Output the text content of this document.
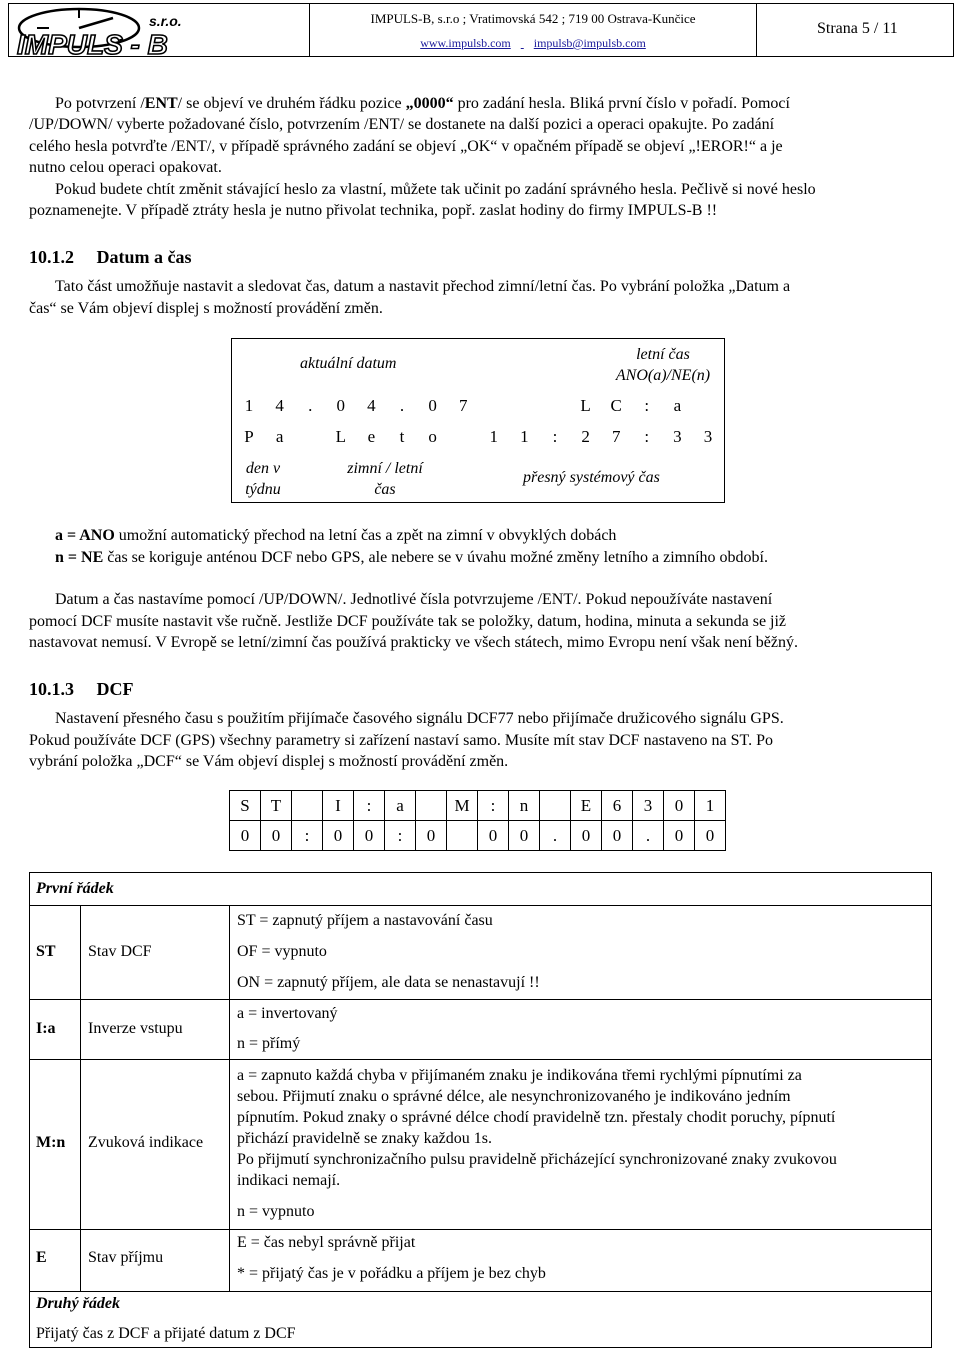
s.r.o.
IMPULS - B
IMPULS-B, s.r.o ; Vratimovská 542 ; 719 00 Ostrava-Kunčice
www.impulsb.com impulsb@impulsb.com
Strana 5 / 11
Po potvrzení /ENT/ se objeví ve druhém řádku pozice „0000“ pro zadání hesla. Bliká první číslo v pořadí. Pomocí
/UP/DOWN/ vyberte požadované číslo, potvrzením /ENT/ se dostanete na další pozici a operaci opakujte. Po zadání
celého hesla potvrďte /ENT/, v případě správného zadání se objeví „OK“ v opačném případě se objeví „!EROR!“ a je
nutno celou operaci opakovat.
Pokud budete chtít změnit stávající heslo za vlastní, můžete tak učinit po zadání správného hesla. Pečlivě si nové heslo
poznamenejte. V případě ztráty hesla je nutno přivolat technika, popř. zaslat hodiny do firmy IMPULS-B !!
10.1.2 Datum a čas
Tato část umožňuje nastavit a sledovat čas, datum a nastavit přechod zimní/letní čas. Po vybrání položka „Datum a
čas“ se Vám objeví displej s možností provádění změn.
aktuální datum
letní čas
ANO(a)/NE(n)
1	4	.	0	4	.	0	7	L	C	:	a
P	a	L	e	t	o	1	1	:	2	7	:	3	3
den v
týdnu
zimní / letní
čas
přesný systémový čas
a = ANO umožní automatický přechod na letní čas a zpět na zimní v obvyklých dobách
n = NE čas se koriguje anténou DCF nebo GPS, ale nebere se v úvahu možné změny letního a zimního období.
Datum a čas nastavíme pomocí /UP/DOWN/. Jednotlivé čísla potvrzujeme /ENT/. Pokud nepoužíváte nastavení
pomocí DCF musíte nastavit vše ručně. Jestliže DCF používáte tak se položky, datum, hodina, minuta a sekunda se již
nastavovat nemusí. V Evropě se letní/zimní čas používá prakticky ve všech státech, mimo Evropu není však není běžný.
10.1.3 DCF
Nastavení přesného času s použitím přijímače časového signálu DCF77 nebo přijímače družicového signálu GPS.
Pokud používáte DCF (GPS) všechny parametry si zařízení nastaví samo. Musíte mít stav DCF nastaveno na ST. Po
vybrání položka „DCF“ se Vám objeví displej s možností provádění změn.
S	T		I	:	a		M	:	n		E	6	3	0	1
0	0	:	0	0	:	0		0	0	.	0	0	.	0	0
První řádek
ST Stav DCF
ST = zapnutý příjem a nastavování času
OF = vypnuto
ON = zapnutý příjem, ale data se nenastavují !!
I:a Inverze vstupu
a = invertovaný
n = přímý
M:n Zvuková indikace
a = zapnuto každá chyba v přijímaném znaku je indikována třemi rychlými pípnutími za
sebou. Přijmutí znaku o správné délce, ale nesynchronizovaného je indikováno jedním
pípnutím. Pokud znaky o správné délce chodí pravidelně tzn. přestaly chodit poruchy, pípnutí
přichází pravidelně se znaky každou 1s.
Po přijmutí synchronizačního pulsu pravidelně přicházející synchronizované znaky zvukovou
indikaci nemají.
n = vypnuto
E	Stav příjmu
E = čas nebyl správně přijat
* = přijatý čas je v pořádku a příjem je bez chyb
Druhý řádek
Přijatý čas z DCF a přijaté datum z DCF
